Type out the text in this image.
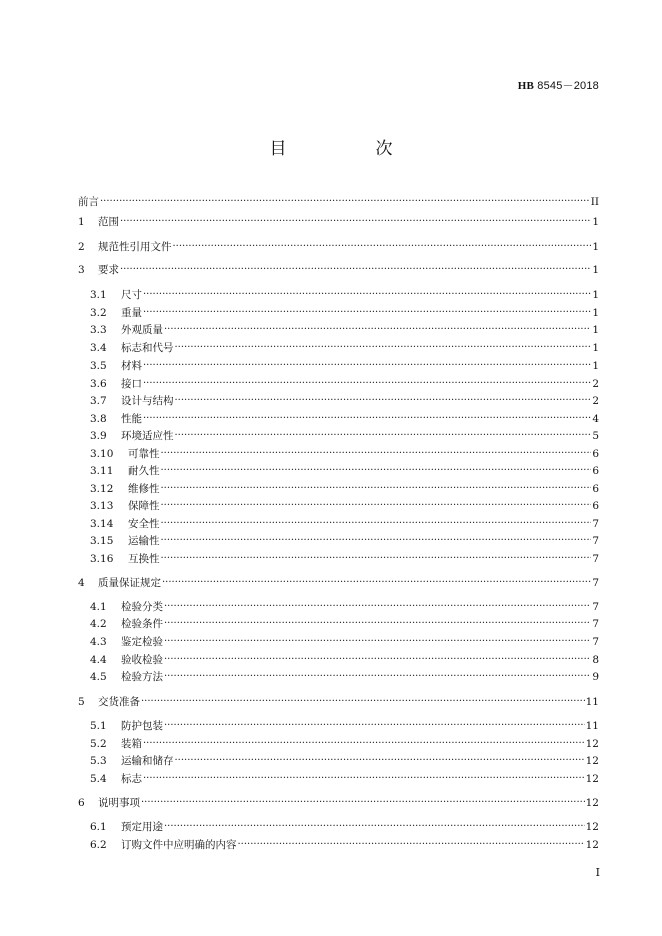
HB 8545－2018
目　次
前言 ·····	II
1	范围 ·····	1
2	规范性引用文件 ·····	1
3	要求 ·····	1
3.1	尺寸 ·····	1
3.2	重量 ·····	1
3.3	外观质量 ·····	1
3.4	标志和代号 ·····	1
3.5	材料 ·····	1
3.6	接口 ·····	2
3.7	设计与结构 ·····	2
3.8	性能 ·····	4
3.9	环境适应性 ·····	5
3.10	可靠性 ·····	6
3.11	耐久性 ·····	6
3.12	维修性 ·····	6
3.13	保障性 ·····	6
3.14	安全性 ·····	7
3.15	运输性 ·····	7
3.16	互换性 ·····	7
4	质量保证规定 ·····	7
4.1	检验分类 ·····	7
4.2	检验条件 ·····	7
4.3	鉴定检验 ·····	7
4.4	验收检验 ·····	8
4.5	检验方法 ·····	9
5	交货准备 ·····	11
5.1	防护包装 ·····	11
5.2	装箱 ·····	12
5.3	运输和储存 ·····	12
5.4	标志 ·····	12
6	说明事项 ·····	12
6.1	预定用途 ·····	12
6.2	订购文件中应明确的内容 ·····	12
I
